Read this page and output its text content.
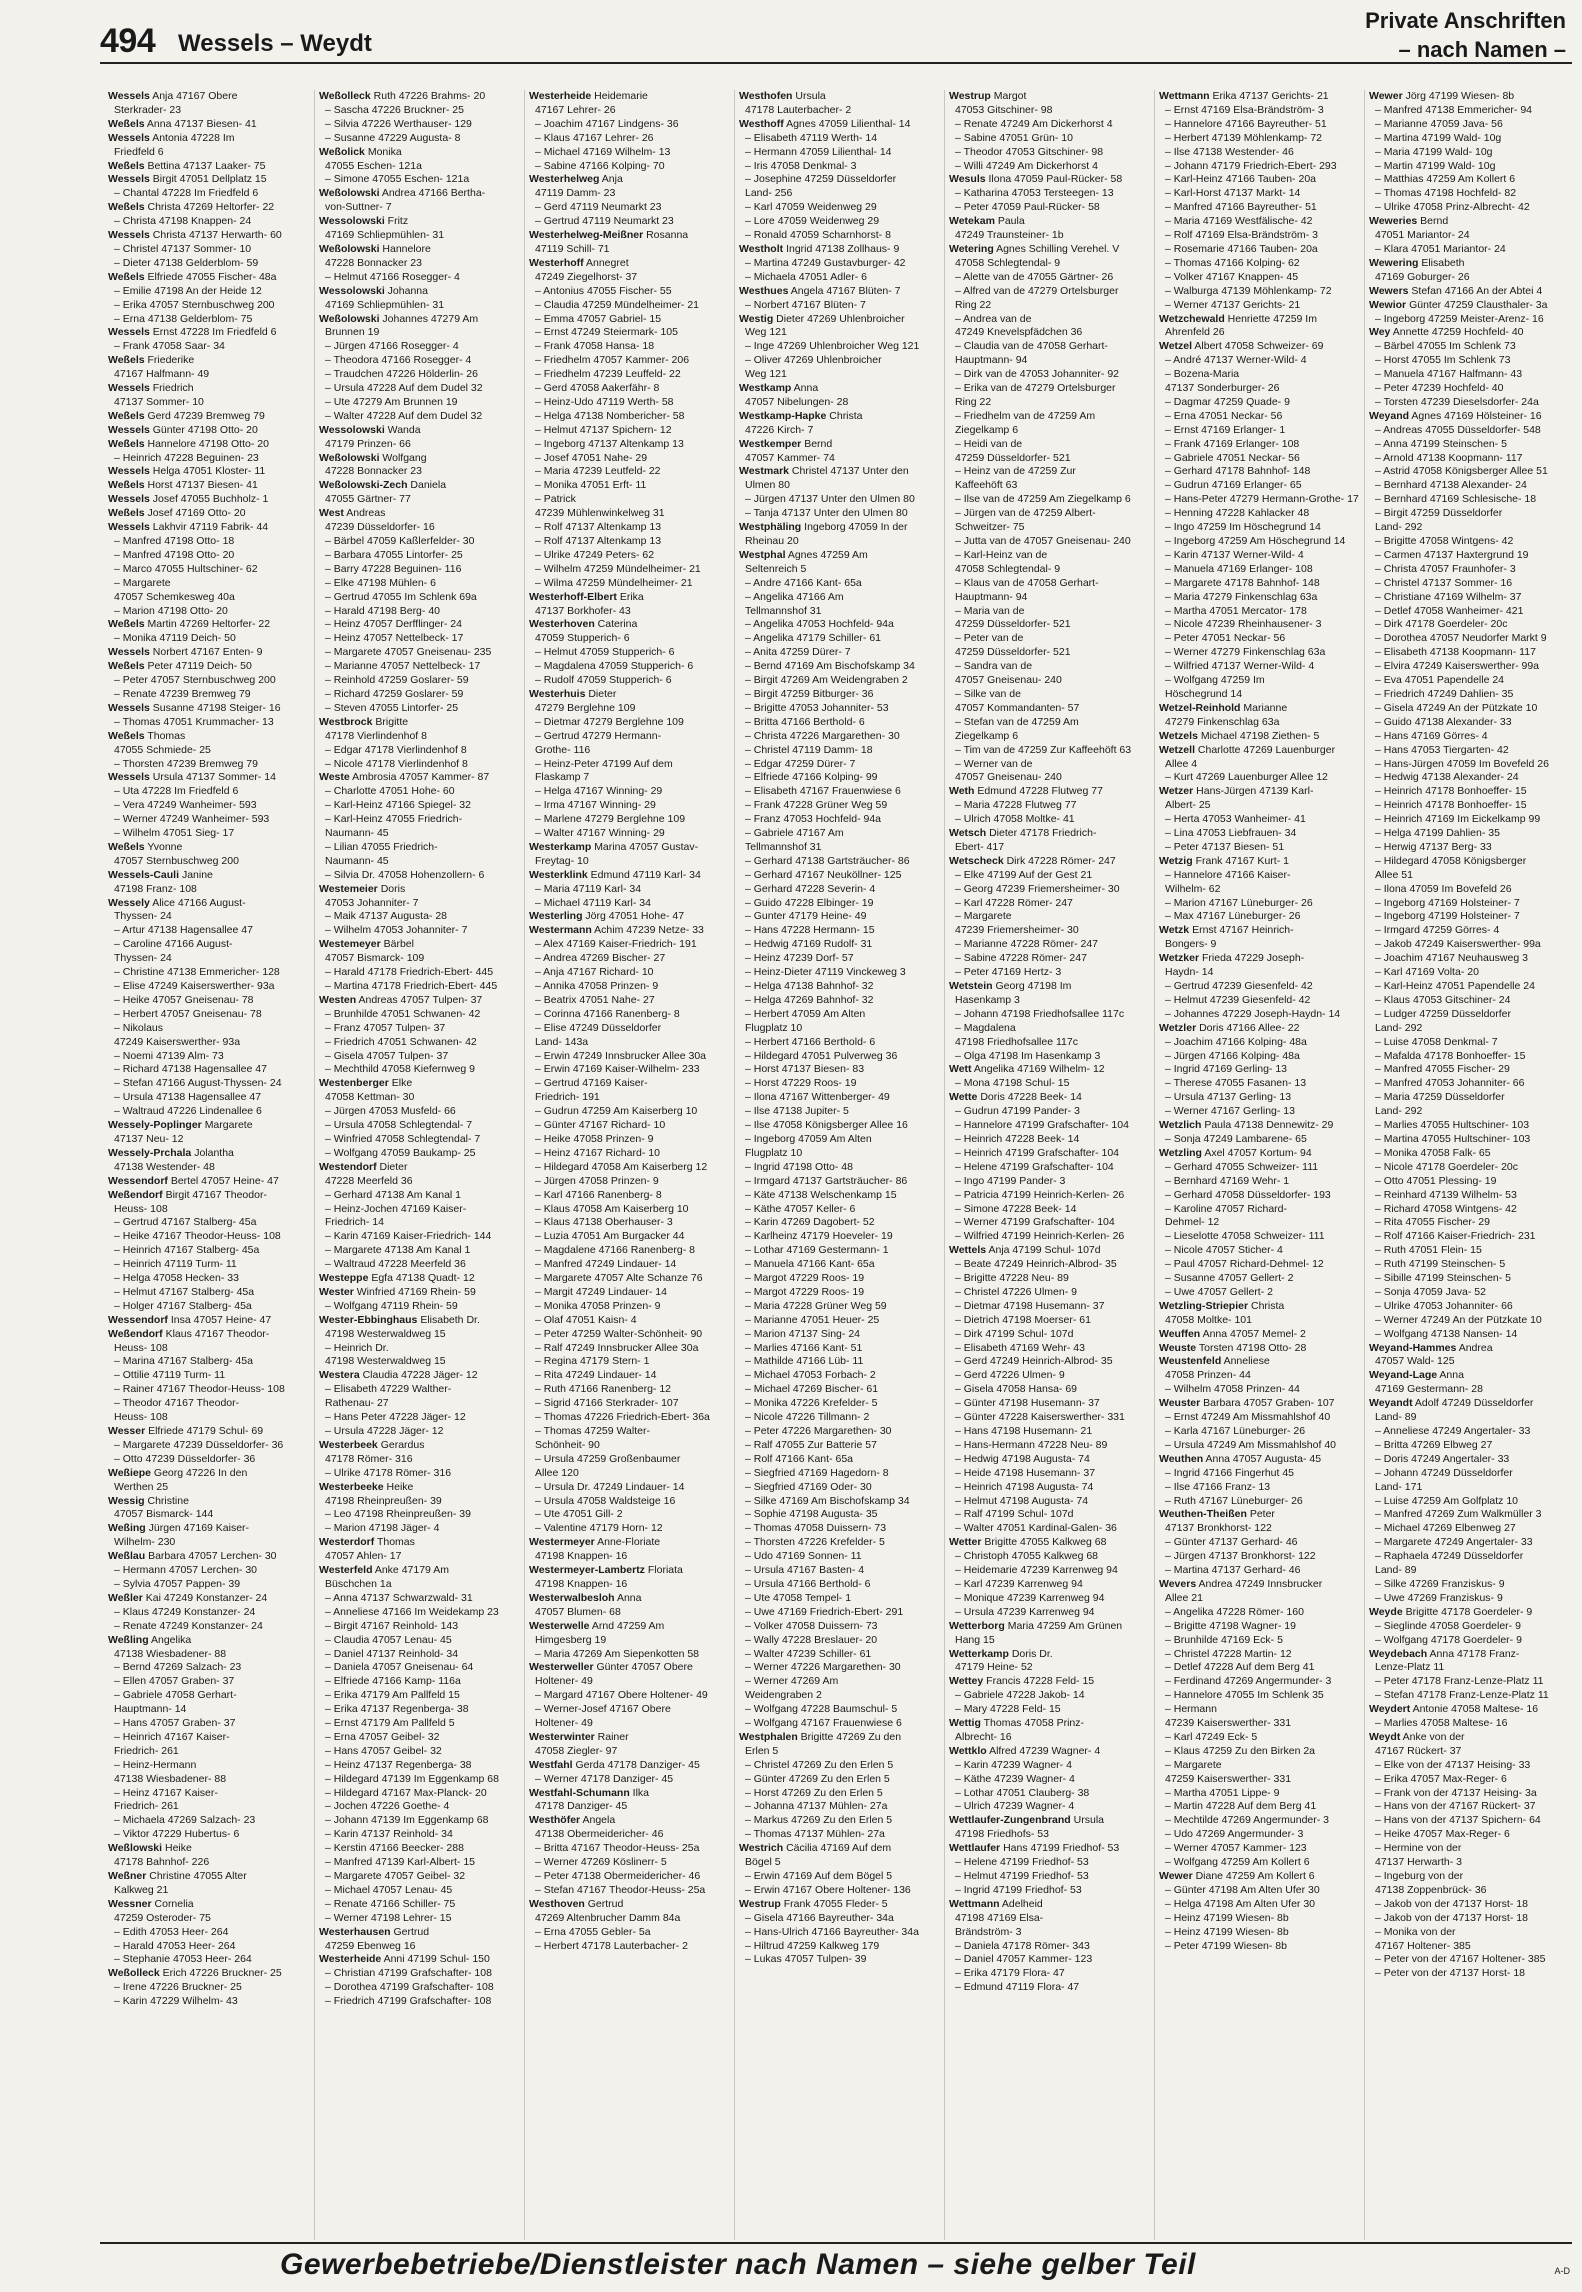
494 Wessels – Weydt
Private Anschriften
– nach Namen –
Wessels Anja 47167 Obere
Sterkrader- 23
Weßels Anna 47137 Biesen- 41
Wessels Antonia 47228 Im
Friedfeld 6
Weßels Bettina 47137 Laaker- 75
Wessels Birgit 47051 Dellplatz 15
– Chantal 47228 Im Friedfeld 6
Weßels Christa 47269 Heltorfer- 22
– Christa 47198 Knappen- 24
Wessels Christa 47137 Herwarth- 60
– Christel 47137 Sommer- 10
– Dieter 47138 Gelderblom- 59
Weßels Elfriede 47055 Fischer- 48a
– Emilie 47198 An der Heide 12
– Erika 47057 Sternbuschweg 200
– Erna 47138 Gelderblom- 75
Wessels Ernst 47228 Im Friedfeld 6
– Frank 47058 Saar- 34
Weßels Friederike
47167 Halfmann- 49
Wessels Friedrich
47137 Sommer- 10
Weßels Gerd 47239 Bremweg 79
Wessels Günter 47198 Otto- 20
Weßels Hannelore 47198 Otto- 20
– Heinrich 47228 Beguinen- 23
Wessels Helga 47051 Kloster- 11
Weßels Horst 47137 Biesen- 41
Wessels Josef 47055 Buchholz- 1
Weßels Josef 47169 Otto- 20
Wessels Lakhvir 47119 Fabrik- 44
– Manfred 47198 Otto- 18
– Manfred 47198 Otto- 20
– Marco 47055 Hultschiner- 62
– Margarete
47057 Schemkesweg 40a
– Marion 47198 Otto- 20
Weßels Martin 47269 Heltorfer- 22
– Monika 47119 Deich- 50
Wessels Norbert 47167 Enten- 9
Weßels Peter 47119 Deich- 50
– Peter 47057 Sternbuschweg 200
– Renate 47239 Bremweg 79
Wessels Susanne 47198 Steiger- 16
– Thomas 47051 Krummacher- 13
Weßels Thomas
47055 Schmiede- 25
– Thorsten 47239 Bremweg 79
Wessels Ursula 47137 Sommer- 14
– Uta 47228 Im Friedfeld 6
– Vera 47249 Wanheimer- 593
– Werner 47249 Wanheimer- 593
– Wilhelm 47051 Sieg- 17
Weßels Yvonne
47057 Sternbuschweg 200
Wessels-Cauli Janine
47198 Franz- 108
Wessely Alice 47166 August-
Thyssen- 24
– Artur 47138 Hagensallee 47
– Caroline 47166 August-
Thyssen- 24
– Christine 47138 Emmericher- 128
– Elise 47249 Kaiserswerther- 93a
– Heike 47057 Gneisenau- 78
– Herbert 47057 Gneisenau- 78
– Nikolaus
47249 Kaiserswerther- 93a
– Noemi 47139 Alm- 73
– Richard 47138 Hagensallee 47
– Stefan 47166 August-Thyssen- 24
– Ursula 47138 Hagensallee 47
– Waltraud 47226 Lindenallee 6
Wessely-Poplinger Margarete
47137 Neu- 12
Wessely-Prchala Jolantha
47138 Westender- 48
Wessendorf Bertel 47057 Heine- 47
Weßendorf Birgit 47167 Theodor-
Heuss- 108
– Gertrud 47167 Stalberg- 45a
– Heike 47167 Theodor-Heuss- 108
– Heinrich 47167 Stalberg- 45a
– Heinrich 47119 Turm- 11
– Helga 47058 Hecken- 33
– Helmut 47167 Stalberg- 45a
– Holger 47167 Stalberg- 45a
Wessendorf Insa 47057 Heine- 47
Weßendorf Klaus 47167 Theodor-
Heuss- 108
– Marina 47167 Stalberg- 45a
– Ottilie 47119 Turm- 11
– Rainer 47167 Theodor-Heuss- 108
– Theodor 47167 Theodor-
Heuss- 108
Wesser Elfriede 47179 Schul- 69
– Margarete 47239 Düsseldorfer- 36
– Otto 47239 Düsseldorfer- 36
Weßiepe Georg 47226 In den
Werthen 25
Wessig Christine
47057 Bismarck- 144
Weßing Jürgen 47169 Kaiser-
Wilhelm- 230
Weßlau Barbara 47057 Lerchen- 30
– Hermann 47057 Lerchen- 30
– Sylvia 47057 Pappen- 39
Weßler Kai 47249 Konstanzer- 24
– Klaus 47249 Konstanzer- 24
– Renate 47249 Konstanzer- 24
Weßling Angelika
47138 Wiesbadener- 88
– Bernd 47269 Salzach- 23
– Ellen 47057 Graben- 37
– Gabriele 47058 Gerhart-
Hauptmann- 14
– Hans 47057 Graben- 37
– Heinrich 47167 Kaiser-
Friedrich- 261
– Heinz-Hermann
47138 Wiesbadener- 88
– Heinz 47167 Kaiser-
Friedrich- 261
– Michaela 47269 Salzach- 23
– Viktor 47229 Hubertus- 6
Weßlowski Heike
47178 Bahnhof- 226
Weßner Christine 47055 Alter
Kalkweg 21
Wessner Cornelia
47259 Osteroder- 75
– Edith 47053 Heer- 264
– Harald 47053 Heer- 264
– Stephanie 47053 Heer- 264
Weßolleck Erich 47226 Bruckner- 25
– Irene 47226 Bruckner- 25
– Karin 47229 Wilhelm- 43
Weßolleck Ruth 47226 Brahms- 20
– Sascha 47226 Bruckner- 25
– Silvia 47226 Werthauser- 129
– Susanne 47229 Augusta- 8
Weßolick Monika
47055 Eschen- 121a
– Simone 47055 Eschen- 121a
Weßolowski Andrea 47166 Bertha-
von-Suttner- 7
Wessolowski Fritz
47169 Schliepmühlen- 31
Weßolowski Hannelore
47228 Bonnacker 23
– Helmut 47166 Rosegger- 4
Wessolowski Johanna
47169 Schliepmühlen- 31
Weßolowski Johannes 47279 Am
Brunnen 19
– Jürgen 47166 Rosegger- 4
– Theodora 47166 Rosegger- 4
– Traudchen 47226 Hölderlin- 26
– Ursula 47228 Auf dem Dudel 32
– Ute 47279 Am Brunnen 19
– Walter 47228 Auf dem Dudel 32
Wessolowski Wanda
47179 Prinzen- 66
Weßolowski Wolfgang
47228 Bonnacker 23
Weßolowski-Zech Daniela
47055 Gärtner- 77
West Andreas
47239 Düsseldorfer- 16
– Bärbel 47059 Kaßlerfelder- 30
– Barbara 47055 Lintorfer- 25
– Barry 47228 Beguinen- 116
– Elke 47198 Mühlen- 6
– Gertrud 47055 Im Schlenk 69a
– Harald 47198 Berg- 40
– Heinz 47057 Derfflinger- 24
– Heinz 47057 Nettelbeck- 17
– Margarete 47057 Gneisenau- 235
– Marianne 47057 Nettelbeck- 17
– Reinhold 47259 Goslarer- 59
– Richard 47259 Goslarer- 59
– Steven 47055 Lintorfer- 25
Westbrock Brigitte
47178 Vierlindenhof 8
– Edgar 47178 Vierlindenhof 8
– Nicole 47178 Vierlindenhof 8
Weste Ambrosia 47057 Kammer- 87
– Charlotte 47051 Hohe- 60
– Karl-Heinz 47166 Spiegel- 32
– Karl-Heinz 47055 Friedrich-
Naumann- 45
– Lilian 47055 Friedrich-
Naumann- 45
– Silvia Dr. 47058 Hohenzollern- 6
Westemeier Doris
47053 Johanniter- 7
– Maik 47137 Augusta- 28
– Wilhelm 47053 Johanniter- 7
Westemeyer Bärbel
47057 Bismarck- 109
– Harald 47178 Friedrich-Ebert- 445
– Martina 47178 Friedrich-Ebert- 445
Westen Andreas 47057 Tulpen- 37
– Brunhilde 47051 Schwanen- 42
– Franz 47057 Tulpen- 37
– Friedrich 47051 Schwanen- 42
– Gisela 47057 Tulpen- 37
– Mechthild 47058 Kiefernweg 9
Westenberger Elke
47058 Kettman- 30
– Jürgen 47053 Musfeld- 66
– Ursula 47058 Schlegtendal- 7
– Winfried 47058 Schlegtendal- 7
– Wolfgang 47059 Baukamp- 25
Westendorf Dieter
47228 Meerfeld 36
– Gerhard 47138 Am Kanal 1
– Heinz-Jochen 47169 Kaiser-
Friedrich- 14
– Karin 47169 Kaiser-Friedrich- 144
– Margarete 47138 Am Kanal 1
– Waltraud 47228 Meerfeld 36
Westeppe Egfa 47138 Quadt- 12
Wester Winfried 47169 Rhein- 59
– Wolfgang 47119 Rhein- 59
Wester-Ebbinghaus Elisabeth Dr.
47198 Westerwaldweg 15
– Heinrich Dr.
47198 Westerwaldweg 15
Westera Claudia 47228 Jäger- 12
– Elisabeth 47229 Walther-
Rathenau- 27
– Hans Peter 47228 Jäger- 12
– Ursula 47228 Jäger- 12
Westerbeek Gerardus
47178 Römer- 316
– Ulrike 47178 Römer- 316
Westerbeeke Heike
47198 Rheinpreußen- 39
– Leo 47198 Rheinpreußen- 39
– Marion 47198 Jäger- 4
Westerdorf Thomas
47057 Ahlen- 17
Westerfeld Anke 47179 Am
Büschchen 1a
– Anna 47137 Schwarzwald- 31
– Anneliese 47166 Im Weidekamp 23
– Birgit 47167 Reinhold- 143
– Claudia 47057 Lenau- 45
– Daniel 47137 Reinhold- 34
– Daniela 47057 Gneisenau- 64
– Elfriede 47166 Kamp- 116a
– Erika 47179 Am Pallfeld 15
– Erika 47137 Regenberga- 38
– Ernst 47179 Am Pallfeld 5
– Erna 47057 Geibel- 32
– Hans 47057 Geibel- 32
– Heinz 47137 Regenberga- 38
– Hildegard 47139 Im Eggenkamp 68
– Hildegard 47167 Max-Planck- 20
– Jochen 47226 Goethe- 4
– Johann 47139 Im Eggenkamp 68
– Karin 47137 Reinhold- 34
– Kerstin 47166 Beecker- 288
– Manfred 47139 Karl-Albert- 15
– Margarete 47057 Geibel- 32
– Michael 47057 Lenau- 45
– Renate 47166 Schiller- 75
– Werner 47198 Lehrer- 15
Westerhausen Gertrud
47259 Ebenweg 16
Westerheide Anni 47199 Schul- 150
– Christian 47199 Grafschafter- 108
– Dorothea 47199 Grafschafter- 108
– Friedrich 47199 Grafschafter- 108
Westerheide Heidemarie
47167 Lehrer- 26
– Joachim 47167 Lindgens- 36
– Klaus 47167 Lehrer- 26
– Michael 47169 Wilhelm- 13
– Sabine 47166 Kolping- 70
Westerhelweg Anja
47119 Damm- 23
– Gerd 47119 Neumarkt 23
– Gertrud 47119 Neumarkt 23
Westerhelweg-Meißner Rosanna
47119 Schill- 71
Westerhoff Annegret
47249 Ziegelhorst- 37
– Antonius 47055 Fischer- 55
– Claudia 47259 Mündelheimer- 21
– Emma 47057 Gabriel- 15
– Ernst 47249 Steiermark- 105
– Frank 47058 Hansa- 18
– Friedhelm 47057 Kammer- 206
– Friedhelm 47239 Leuffeld- 22
– Gerd 47058 Aakerfähr- 8
– Heinz-Udo 47119 Werth- 58
– Helga 47138 Nombericher- 58
– Helmut 47137 Spichern- 12
– Ingeborg 47137 Altenkamp 13
– Josef 47051 Nahe- 29
– Maria 47239 Leutfeld- 22
– Monika 47051 Erft- 11
– Patrick
47239 Mühlenwinkelweg 31
– Rolf 47137 Altenkamp 13
– Rolf 47137 Altenkamp 13
– Ulrike 47249 Peters- 62
– Wilhelm 47259 Mündelheimer- 21
– Wilma 47259 Mündelheimer- 21
Westerhoff-Elbert Erika
47137 Borkhofer- 43
Westerhoven Caterina
47059 Stupperich- 6
– Helmut 47059 Stupperich- 6
– Magdalena 47059 Stupperich- 6
– Rudolf 47059 Stupperich- 6
Westerhuis Dieter
47279 Berglehne 109
– Dietmar 47279 Berglehne 109
– Gertrud 47279 Hermann-
Grothe- 116
– Heinz-Peter 47199 Auf dem
Flaskamp 7
– Helga 47167 Winning- 29
– Irma 47167 Winning- 29
– Marlene 47279 Berglehne 109
– Walter 47167 Winning- 29
Westerkamp Marina 47057 Gustav-
Freytag- 10
Westerklink Edmund 47119 Karl- 34
– Maria 47119 Karl- 34
– Michael 47119 Karl- 34
Westerling Jörg 47051 Hohe- 47
Westermann Achim 47239 Netze- 33
– Alex 47169 Kaiser-Friedrich- 191
– Andrea 47269 Bischer- 27
– Anja 47167 Richard- 10
– Annika 47058 Prinzen- 9
– Beatrix 47051 Nahe- 27
– Corinna 47166 Ranenberg- 8
– Elise 47249 Düsseldorfer
Land- 143a
– Erwin 47249 Innsbrucker Allee 30a
– Erwin 47169 Kaiser-Wilhelm- 233
– Gertrud 47169 Kaiser-
Friedrich- 191
– Gudrun 47259 Am Kaiserberg 10
– Günter 47167 Richard- 10
– Heike 47058 Prinzen- 9
– Heinz 47167 Richard- 10
– Hildegard 47058 Am Kaiserberg 12
– Jürgen 47058 Prinzen- 9
– Karl 47166 Ranenberg- 8
– Klaus 47058 Am Kaiserberg 10
– Klaus 47138 Oberhauser- 3
– Luzia 47051 Am Burgacker 44
– Magdalene 47166 Ranenberg- 8
– Manfred 47249 Lindauer- 14
– Margarete 47057 Alte Schanze 76
– Margit 47249 Lindauer- 14
– Monika 47058 Prinzen- 9
– Olaf 47051 Kaisn- 4
– Peter 47259 Walter-Schönheit- 90
– Ralf 47249 Innsbrucker Allee 30a
– Regina 47179 Stern- 1
– Rita 47249 Lindauer- 14
– Ruth 47166 Ranenberg- 12
– Sigrid 47166 Sterkrader- 107
– Thomas 47226 Friedrich-Ebert- 36a
– Thomas 47259 Walter-
Schönheit- 90
– Ursula 47259 Großenbaumer
Allee 120
– Ursula Dr. 47249 Lindauer- 14
– Ursula 47058 Waldsteige 16
– Ute 47051 Gill- 2
– Valentine 47179 Horn- 12
Westermeyer Anne-Floriate
47198 Knappen- 16
Westermeyer-Lambertz Floriata
47198 Knappen- 16
Westerwalbesloh Anna
47057 Blumen- 68
Westerwelle Arnd 47259 Am
Himgesberg 19
– Maria 47269 Am Siepenkotten 58
Westerweller Günter 47057 Obere
Holtener- 49
– Margard 47167 Obere Holtener- 49
– Werner-Josef 47167 Obere
Holtener- 49
Westerwinter Rainer
47058 Ziegler- 97
Westfahl Gerda 47178 Danziger- 45
– Werner 47178 Danziger- 45
Westfahl-Schumann Ilka
47178 Danziger- 45
Westhöfer Angela
47138 Obermeidericher- 46
– Britta 47167 Theodor-Heuss- 25a
– Werner 47269 Köslinerr- 5
– Peter 47138 Obermeidericher- 46
– Stefan 47167 Theodor-Heuss- 25a
Westhoven Gertrud
47269 Altenbrucher Damm 84a
– Erna 47055 Gebler- 5a
– Herbert 47178 Lauterbacher- 2
Westhofen Ursula
47178 Lauterbacher- 2
Westhoff Agnes 47059 Lilienthal- 14
– Elisabeth 47119 Werth- 14
– Hermann 47059 Lilienthal- 14
– Iris 47058 Denkmal- 3
– Josephine 47259 Düsseldorfer
Land- 256
– Karl 47059 Weidenweg 29
– Lore 47059 Weidenweg 29
– Ronald 47059 Scharnhorst- 8
Westholt Ingrid 47138 Zollhaus- 9
– Martina 47249 Gustavburger- 42
– Michaela 47051 Adler- 6
Westhues Angela 47167 Blüten- 7
– Norbert 47167 Blüten- 7
Westig Dieter 47269 Uhlenbroicher
Weg 121
– Inge 47269 Uhlenbroicher Weg 121
– Oliver 47269 Uhlenbroicher
Weg 121
Westkamp Anna
47057 Nibelungen- 28
Westkamp-Hapke Christa
47226 Kirch- 7
Westkemper Bernd
47057 Kammer- 74
Westmark Christel 47137 Unter den
Ulmen 80
– Jürgen 47137 Unter den Ulmen 80
– Tanja 47137 Unter den Ulmen 80
Westphäling Ingeborg 47059 In der
Rheinau 20
Westphal Agnes 47259 Am
Seltenreich 5
– Andre 47166 Kant- 65a
– Angelika 47166 Am
Tellmannshof 31
– Angelika 47053 Hochfeld- 94a
– Angelika 47179 Schiller- 61
– Anita 47259 Dürer- 7
– Bernd 47169 Am Bischofskamp 34
– Birgit 47269 Am Weidengraben 2
– Birgit 47259 Bitburger- 36
– Brigitte 47053 Johanniter- 53
– Britta 47166 Berthold- 6
– Christa 47226 Margarethen- 30
– Christel 47119 Damm- 18
– Edgar 47259 Dürer- 7
– Elfriede 47166 Kolping- 99
– Elisabeth 47167 Frauenwiese 6
– Frank 47228 Grüner Weg 59
– Franz 47053 Hochfeld- 94a
– Gabriele 47167 Am
Tellmannshof 31
– Gerhard 47138 Gartsträucher- 86
– Gerhard 47167 Neuköllner- 125
– Gerhard 47228 Severin- 4
– Guido 47228 Elbinger- 19
– Gunter 47179 Heine- 49
– Hans 47228 Hermann- 15
– Hedwig 47169 Rudolf- 31
– Heinz 47239 Dorf- 57
– Heinz-Dieter 47119 Vinckeweg 3
– Helga 47138 Bahnhof- 32
– Helga 47269 Bahnhof- 32
– Herbert 47059 Am Alten
Flugplatz 10
– Herbert 47166 Berthold- 6
– Hildegard 47051 Pulverweg 36
– Horst 47137 Biesen- 83
– Horst 47229 Roos- 19
– Ilona 47167 Wittenberger- 49
– Ilse 47138 Jupiter- 5
– Ilse 47058 Königsberger Allee 16
– Ingeborg 47059 Am Alten
Flugplatz 10
– Ingrid 47198 Otto- 48
– Irmgard 47137 Gartsträucher- 86
– Käte 47138 Welschenkamp 15
– Käthe 47057 Keller- 6
– Karin 47269 Dagobert- 52
– Karlheinz 47179 Hoeveler- 19
– Lothar 47169 Gestermann- 1
– Manuela 47166 Kant- 65a
– Margot 47229 Roos- 19
– Margot 47229 Roos- 19
– Maria 47228 Grüner Weg 59
– Marianne 47051 Heuer- 25
– Marion 47137 Sing- 24
– Marlies 47166 Kant- 51
– Mathilde 47166 Lüb- 11
– Michael 47053 Forbach- 2
– Michael 47269 Bischer- 61
– Monika 47226 Krefelder- 5
– Nicole 47226 Tillmann- 2
– Peter 47226 Margarethen- 30
– Ralf 47055 Zur Batterie 57
– Rolf 47166 Kant- 65a
– Siegfried 47169 Hagedorn- 8
– Siegfried 47169 Oder- 30
– Silke 47169 Am Bischofskamp 34
– Sophie 47198 Augusta- 35
– Thomas 47058 Duissern- 73
– Thorsten 47226 Krefelder- 5
– Udo 47169 Sonnen- 11
– Ursula 47167 Basten- 4
– Ursula 47166 Berthold- 6
– Ute 47058 Tempel- 1
– Uwe 47169 Friedrich-Ebert- 291
– Volker 47058 Duissern- 73
– Wally 47228 Breslauer- 20
– Walter 47239 Schiller- 61
– Werner 47226 Margarethen- 30
– Werner 47269 Am
Weidengraben 2
– Wolfgang 47228 Baumschul- 5
– Wolfgang 47167 Frauenwiese 6
Westphalen Brigitte 47269 Zu den
Erlen 5
– Christel 47269 Zu den Erlen 5
– Günter 47269 Zu den Erlen 5
– Horst 47269 Zu den Erlen 5
– Johanna 47137 Mühlen- 27a
– Markus 47269 Zu den Erlen 5
– Thomas 47137 Mühlen- 27a
Westrich Cäcilia 47169 Auf dem
Bögel 5
– Erwin 47169 Auf dem Bögel 5
– Erwin 47167 Obere Holtener- 136
Westrup Frank 47055 Fleder- 5
– Gisela 47166 Bayreuther- 34a
– Hans-Ulrich 47166 Bayreuther- 34a
– Hiltrud 47259 Kalkweg 179
– Lukas 47057 Tulpen- 39
Westrup Margot
47053 Gitschiner- 98
– Renate 47249 Am Dickerhorst 4
– Sabine 47051 Grün- 10
– Theodor 47053 Gitschiner- 98
– Willi 47249 Am Dickerhorst 4
Wesuls Ilona 47059 Paul-Rücker- 58
– Katharina 47053 Tersteegen- 13
– Peter 47059 Paul-Rücker- 58
Wetekam Paula
47249 Traunsteiner- 1b
Wetering Agnes Schilling Verehel. V
47058 Schlegtendal- 9
– Alette van de 47055 Gärtner- 26
– Alfred van de 47279 Ortelsburger
Ring 22
– Andrea van de
47249 Knevelspfädchen 36
– Claudia van de 47058 Gerhart-
Hauptmann- 94
– Dirk van de 47053 Johanniter- 92
– Erika van de 47279 Ortelsburger
Ring 22
– Friedhelm van de 47259 Am
Ziegelkamp 6
– Heidi van de
47259 Düsseldorfer- 521
– Heinz van de 47259 Zur
Kaffeehöft 63
– Ilse van de 47259 Am Ziegelkamp 6
– Jürgen van de 47259 Albert-
Schweitzer- 75
– Jutta van de 47057 Gneisenau- 240
– Karl-Heinz van de
47058 Schlegtendal- 9
– Klaus van de 47058 Gerhart-
Hauptmann- 94
– Maria van de
47259 Düsseldorfer- 521
– Peter van de
47259 Düsseldorfer- 521
– Sandra van de
47057 Gneisenau- 240
– Silke van de
47057 Kommandanten- 57
– Stefan van de 47259 Am
Ziegelkamp 6
– Tim van de 47259 Zur Kaffeehöft 63
– Werner van de
47057 Gneisenau- 240
Weth Edmund 47228 Flutweg 77
– Maria 47228 Flutweg 77
– Ulrich 47058 Moltke- 41
Wetsch Dieter 47178 Friedrich-
Ebert- 417
Wetscheck Dirk 47228 Römer- 247
– Elke 47199 Auf der Gest 21
– Georg 47239 Friemersheimer- 30
– Karl 47228 Römer- 247
– Margarete
47239 Friemersheimer- 30
– Marianne 47228 Römer- 247
– Sabine 47228 Römer- 247
– Peter 47169 Hertz- 3
Wetstein Georg 47198 Im
Hasenkamp 3
– Johann 47198 Friedhofsallee 117c
– Magdalena
47198 Friedhofsallee 117c
– Olga 47198 Im Hasenkamp 3
Wett Angelika 47169 Wilhelm- 12
– Mona 47198 Schul- 15
Wette Doris 47228 Beek- 14
– Gudrun 47199 Pander- 3
– Hannelore 47199 Grafschafter- 104
– Heinrich 47228 Beek- 14
– Heinrich 47199 Grafschafter- 104
– Helene 47199 Grafschafter- 104
– Ingo 47199 Pander- 3
– Patricia 47199 Heinrich-Kerlen- 26
– Simone 47228 Beek- 14
– Werner 47199 Grafschafter- 104
– Wilfried 47199 Heinrich-Kerlen- 26
Wettels Anja 47199 Schul- 107d
– Beate 47249 Heinrich-Albrod- 35
– Brigitte 47228 Neu- 89
– Christel 47226 Ulmen- 9
– Dietmar 47198 Husemann- 37
– Dietrich 47198 Moerser- 61
– Dirk 47199 Schul- 107d
– Elisabeth 47169 Wehr- 43
– Gerd 47249 Heinrich-Albrod- 35
– Gerd 47226 Ulmen- 9
– Gisela 47058 Hansa- 69
– Günter 47198 Husemann- 37
– Günter 47228 Kaiserswerther- 331
– Hans 47198 Husemann- 21
– Hans-Hermann 47228 Neu- 89
– Hedwig 47198 Augusta- 74
– Heide 47198 Husemann- 37
– Heinrich 47198 Augusta- 74
– Helmut 47198 Augusta- 74
– Ralf 47199 Schul- 107d
– Walter 47051 Kardinal-Galen- 36
Wetter Brigitte 47055 Kalkweg 68
– Christoph 47055 Kalkweg 68
– Heidemarie 47239 Karrenweg 94
– Karl 47239 Karrenweg 94
– Monique 47239 Karrenweg 94
– Ursula 47239 Karrenweg 94
Wetterborg Maria 47259 Am Grünen
Hang 15
Wetterkamp Doris Dr.
47179 Heine- 52
Wettey Francis 47228 Feld- 15
– Gabriele 47228 Jakob- 14
– Mary 47228 Feld- 15
Wettig Thomas 47058 Prinz-
Albrecht- 16
Wettklo Alfred 47239 Wagner- 4
– Karin 47239 Wagner- 4
– Käthe 47239 Wagner- 4
– Lothar 47051 Clauberg- 38
– Ulrich 47239 Wagner- 4
Wettlaufer-Zungenbrand Ursula
47198 Friedhofs- 53
Wettlaufer Hans 47199 Friedhof- 53
– Helene 47199 Friedhof- 53
– Helmut 47199 Friedhof- 53
– Ingrid 47199 Friedhof- 53
Wettmann Adelheid
47198 47169 Elsa-
Brändström- 3
– Daniela 47178 Römer- 343
– Daniel 47057 Kammer- 123
– Erika 47179 Flora- 47
– Edmund 47119 Flora- 47
Wettmann Erika 47137 Gerichts- 21
– Ernst 47169 Elsa-Brändström- 3
– Hannelore 47166 Bayreuther- 51
– Herbert 47139 Möhlenkamp- 72
– Ilse 47138 Westender- 46
– Johann 47179 Friedrich-Ebert- 293
– Karl-Heinz 47166 Tauben- 20a
– Karl-Horst 47137 Markt- 14
– Manfred 47166 Bayreuther- 51
– Maria 47169 Westfälische- 42
– Rolf 47169 Elsa-Brändström- 3
– Rosemarie 47166 Tauben- 20a
– Thomas 47166 Kolping- 62
– Volker 47167 Knappen- 45
– Walburga 47139 Möhlenkamp- 72
– Werner 47137 Gerichts- 21
Wetzchewald Henriette 47259 Im
Ahrenfeld 26
Wetzel Albert 47058 Schweizer- 69
– André 47137 Werner-Wild- 4
– Bozena-Maria
47137 Sonderburger- 26
– Dagmar 47259 Quade- 9
– Erna 47051 Neckar- 56
– Ernst 47169 Erlanger- 1
– Frank 47169 Erlanger- 108
– Gabriele 47051 Neckar- 56
– Gerhard 47178 Bahnhof- 148
– Gudrun 47169 Erlanger- 65
– Hans-Peter 47279 Hermann-Grothe- 17
– Henning 47228 Kahlacker 48
– Ingo 47259 Im Höschegrund 14
– Ingeborg 47259 Am Höschegrund 14
– Karin 47137 Werner-Wild- 4
– Manuela 47169 Erlanger- 108
– Margarete 47178 Bahnhof- 148
– Maria 47279 Finkenschlag 63a
– Martha 47051 Mercator- 178
– Nicole 47239 Rheinhausener- 3
– Peter 47051 Neckar- 56
– Werner 47279 Finkenschlag 63a
– Wilfried 47137 Werner-Wild- 4
– Wolfgang 47259 Im
Höschegrund 14
Wetzel-Reinhold Marianne
47279 Finkenschlag 63a
Wetzels Michael 47198 Ziethen- 5
Wetzell Charlotte 47269 Lauenburger
Allee 4
– Kurt 47269 Lauenburger Allee 12
Wetzer Hans-Jürgen 47139 Karl-
Albert- 25
– Herta 47053 Wanheimer- 41
– Lina 47053 Liebfrauen- 34
– Peter 47137 Biesen- 51
Wetzig Frank 47167 Kurt- 1
– Hannelore 47166 Kaiser-
Wilhelm- 62
– Marion 47167 Lüneburger- 26
– Max 47167 Lüneburger- 26
Wetzk Ernst 47167 Heinrich-
Bongers- 9
Wetzker Frieda 47229 Joseph-
Haydn- 14
– Gertrud 47239 Giesenfeld- 42
– Helmut 47239 Giesenfeld- 42
– Johannes 47229 Joseph-Haydn- 14
Wetzler Doris 47166 Allee- 22
– Joachim 47166 Kolping- 48a
– Jürgen 47166 Kolping- 48a
– Ingrid 47169 Gerling- 13
– Therese 47055 Fasanen- 13
– Ursula 47137 Gerling- 13
– Werner 47167 Gerling- 13
Wetzlich Paula 47138 Dennewitz- 29
– Sonja 47249 Lambarene- 65
Wetzling Axel 47057 Kortum- 94
– Gerhard 47055 Schweizer- 111
– Bernhard 47169 Wehr- 1
– Gerhard 47058 Düsseldorfer- 193
– Karoline 47057 Richard-
Dehmel- 12
– Lieselotte 47058 Schweizer- 111
– Nicole 47057 Sticher- 4
– Paul 47057 Richard-Dehmel- 12
– Susanne 47057 Gellert- 2
– Uwe 47057 Gellert- 2
Wetzling-Striepier Christa
47058 Moltke- 101
Weuffen Anna 47057 Memel- 2
Weuste Torsten 47198 Otto- 28
Weustenfeld Anneliese
47058 Prinzen- 44
– Wilhelm 47058 Prinzen- 44
Weuster Barbara 47057 Graben- 107
– Ernst 47249 Am Missmahlshof 40
– Karla 47167 Lüneburger- 26
– Ursula 47249 Am Missmahlshof 40
Weuthen Anna 47057 Augusta- 45
– Ingrid 47166 Fingerhut 45
– Ilse 47166 Franz- 13
– Ruth 47167 Lüneburger- 26
Weuthen-Theißen Peter
47137 Bronkhorst- 122
– Günter 47137 Gerhard- 46
– Jürgen 47137 Bronkhorst- 122
– Martina 47137 Gerhard- 46
Wevers Andrea 47249 Innsbrucker
Allee 21
– Angelika 47228 Römer- 160
– Brigitte 47198 Wagner- 19
– Brunhilde 47169 Eck- 5
– Christel 47228 Martin- 12
– Detlef 47228 Auf dem Berg 41
– Ferdinand 47269 Angermunder- 3
– Hannelore 47055 Im Schlenk 35
– Hermann
47239 Kaiserswerther- 331
– Karl 47249 Eck- 5
– Klaus 47259 Zu den Birken 2a
– Margarete
47259 Kaiserswerther- 331
– Martha 47051 Lippe- 9
– Martin 47228 Auf dem Berg 41
– Mechtilde 47269 Angermunder- 3
– Udo 47269 Angermunder- 3
– Werner 47057 Kammer- 123
– Wolfgang 47259 Am Kollert 6
Wewer Diane 47259 Am Kollert 6
– Günter 47198 Am Alten Ufer 30
– Helga 47198 Am Alten Ufer 30
– Heinz 47199 Wiesen- 8b
– Heinz 47199 Wiesen- 8b
– Peter 47199 Wiesen- 8b
Wewer Jörg 47199 Wiesen- 8b
– Manfred 47138 Emmericher- 94
– Marianne 47059 Java- 56
– Martina 47199 Wald- 10g
– Maria 47199 Wald- 10g
– Martin 47199 Wald- 10g
– Matthias 47259 Am Kollert 6
– Thomas 47198 Hochfeld- 82
– Ulrike 47058 Prinz-Albrecht- 42
Weweries Bernd
47051 Mariantor- 24
– Klara 47051 Mariantor- 24
Wewering Elisabeth
47169 Goburger- 26
Wewers Stefan 47166 An der Abtei 4
Wewior Günter 47259 Clausthaler- 3a
– Ingeborg 47259 Meister-Arenz- 16
Wey Annette 47259 Hochfeld- 40
– Bärbel 47055 Im Schlenk 73
– Horst 47055 Im Schlenk 73
– Manuela 47167 Halfmann- 43
– Peter 47239 Hochfeld- 40
– Torsten 47239 Dieselsdorfer- 24a
Weyand Agnes 47169 Hölsteiner- 16
– Andreas 47055 Düsseldorfer- 548
– Anna 47199 Steinschen- 5
– Arnold 47138 Koopmann- 117
– Astrid 47058 Königsberger Allee 51
– Bernhard 47138 Alexander- 24
– Bernhard 47169 Schlesische- 18
– Birgit 47259 Düsseldorfer
Land- 292
– Brigitte 47058 Wintgens- 42
– Carmen 47137 Haxtergrund 19
– Christa 47057 Fraunhofer- 3
– Christel 47137 Sommer- 16
– Christiane 47169 Wilhelm- 37
– Detlef 47058 Wanheimer- 421
– Dirk 47178 Goerdeler- 20c
– Dorothea 47057 Neudorfer Markt 9
– Elisabeth 47138 Koopmann- 117
– Elvira 47249 Kaiserswerther- 99a
– Eva 47051 Papendelle 24
– Friedrich 47249 Dahlien- 35
– Gisela 47249 An der Pützkate 10
– Guido 47138 Alexander- 33
– Hans 47169 Görres- 4
– Hans 47053 Tiergarten- 42
– Hans-Jürgen 47059 Im Bovefeld 26
– Hedwig 47138 Alexander- 24
– Heinrich 47178 Bonhoeffer- 15
– Heinrich 47178 Bonhoeffer- 15
– Heinrich 47169 Im Eickelkamp 99
– Helga 47199 Dahlien- 35
– Herwig 47137 Berg- 33
– Hildegard 47058 Königsberger
Allee 51
– Ilona 47059 Im Bovefeld 26
– Ingeborg 47169 Holsteiner- 7
– Ingeborg 47199 Holsteiner- 7
– Irmgard 47259 Görres- 4
– Jakob 47249 Kaiserswerther- 99a
– Joachim 47167 Neuhausweg 3
– Karl 47169 Volta- 20
– Karl-Heinz 47051 Papendelle 24
– Klaus 47053 Gitschiner- 24
– Ludger 47259 Düsseldorfer
Land- 292
– Luise 47058 Denkmal- 7
– Mafalda 47178 Bonhoeffer- 15
– Manfred 47055 Fischer- 29
– Manfred 47053 Johanniter- 66
– Maria 47259 Düsseldorfer
Land- 292
– Marlies 47055 Hultschiner- 103
– Martina 47055 Hultschiner- 103
– Monika 47058 Falk- 65
– Nicole 47178 Goerdeler- 20c
– Otto 47051 Plessing- 19
– Reinhard 47139 Wilhelm- 53
– Richard 47058 Wintgens- 42
– Rita 47055 Fischer- 29
– Rolf 47166 Kaiser-Friedrich- 231
– Ruth 47051 Flein- 15
– Ruth 47199 Steinschen- 5
– Sibille 47199 Steinschen- 5
– Sonja 47059 Java- 52
– Ulrike 47053 Johanniter- 66
– Werner 47249 An der Pützkate 10
– Wolfgang 47138 Nansen- 14
Weyand-Hammes Andrea
47057 Wald- 125
Weyand-Lage Anna
47169 Gestermann- 28
Weyandt Adolf 47249 Düsseldorfer
Land- 89
– Anneliese 47249 Angertaler- 33
– Britta 47269 Elbweg 27
– Doris 47249 Angertaler- 33
– Johann 47249 Düsseldorfer
Land- 171
– Luise 47259 Am Golfplatz 10
– Manfred 47269 Zum Walkmüller 3
– Michael 47269 Elbenweg 27
– Margarete 47249 Angertaler- 33
– Raphaela 47249 Düsseldorfer
Land- 89
– Silke 47269 Franziskus- 9
– Uwe 47269 Franziskus- 9
Weyde Brigitte 47178 Goerdeler- 9
– Sieglinde 47058 Goerdeler- 9
– Wolfgang 47178 Goerdeler- 9
Weydebach Anna 47178 Franz-
Lenze-Platz 11
– Peter 47178 Franz-Lenze-Platz 11
– Stefan 47178 Franz-Lenze-Platz 11
Weydert Antonie 47058 Maltese- 16
– Marlies 47058 Maltese- 16
Weydt Anke von der
47167 Rückert- 37
– Elke von der 47137 Heising- 33
– Erika 47057 Max-Reger- 6
– Frank von der 47137 Heising- 3a
– Hans von der 47167 Rückert- 37
– Hans von der 47137 Spichern- 64
– Heike 47057 Max-Reger- 6
– Hermine von der
47137 Herwarth- 3
– Ingeburg von der
47138 Zoppenbrück- 36
– Jakob von der 47137 Horst- 18
– Jakob von der 47137 Horst- 18
– Monika von der
47167 Holtener- 385
– Peter von der 47167 Holtener- 385
– Peter von der 47137 Horst- 18
Gewerbebetriebe/Dienstleister nach Namen – siehe gelber Teil	A-D
